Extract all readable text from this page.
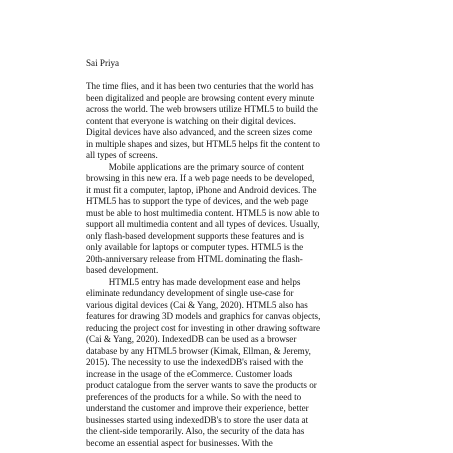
Sai Priya
The time flies, and it has been two centuries that the world has
been digitalized and people are browsing content every minute
across the world. The web browsers utilize HTML5 to build the
content that everyone is watching on their digital devices.
Digital devices have also advanced, and the screen sizes come
in multiple shapes and sizes, but HTML5 helps fit the content to
all types of screens.
Mobile applications are the primary source of content
browsing in this new era. If a web page needs to be developed,
it must fit a computer, laptop, iPhone and Android devices. The
HTML5 has to support the type of devices, and the web page
must be able to host multimedia content. HTML5 is now able to
support all multimedia content and all types of devices. Usually,
only flash-based development supports these features and is
only available for laptops or computer types. HTML5 is the
20th-anniversary release from HTML dominating the flash-
based development.
HTML5 entry has made development ease and helps
eliminate redundancy development of single use-case for
various digital devices (Cai & Yang, 2020). HTML5 also has
features for drawing 3D models and graphics for canvas objects,
reducing the project cost for investing in other drawing software
(Cai & Yang, 2020). IndexedDB can be used as a browser
database by any HTML5 browser (Kimak, Ellman, & Jeremy,
2015). The necessity to use the indexedDB's raised with the
increase in the usage of the eCommerce. Customer loads
product catalogue from the server wants to save the products or
preferences of the products for a while. So with the need to
understand the customer and improve their experience, better
businesses started using indexedDB's to store the user data at
the client-side temporarily. Also, the security of the data has
become an essential aspect for businesses. With the
